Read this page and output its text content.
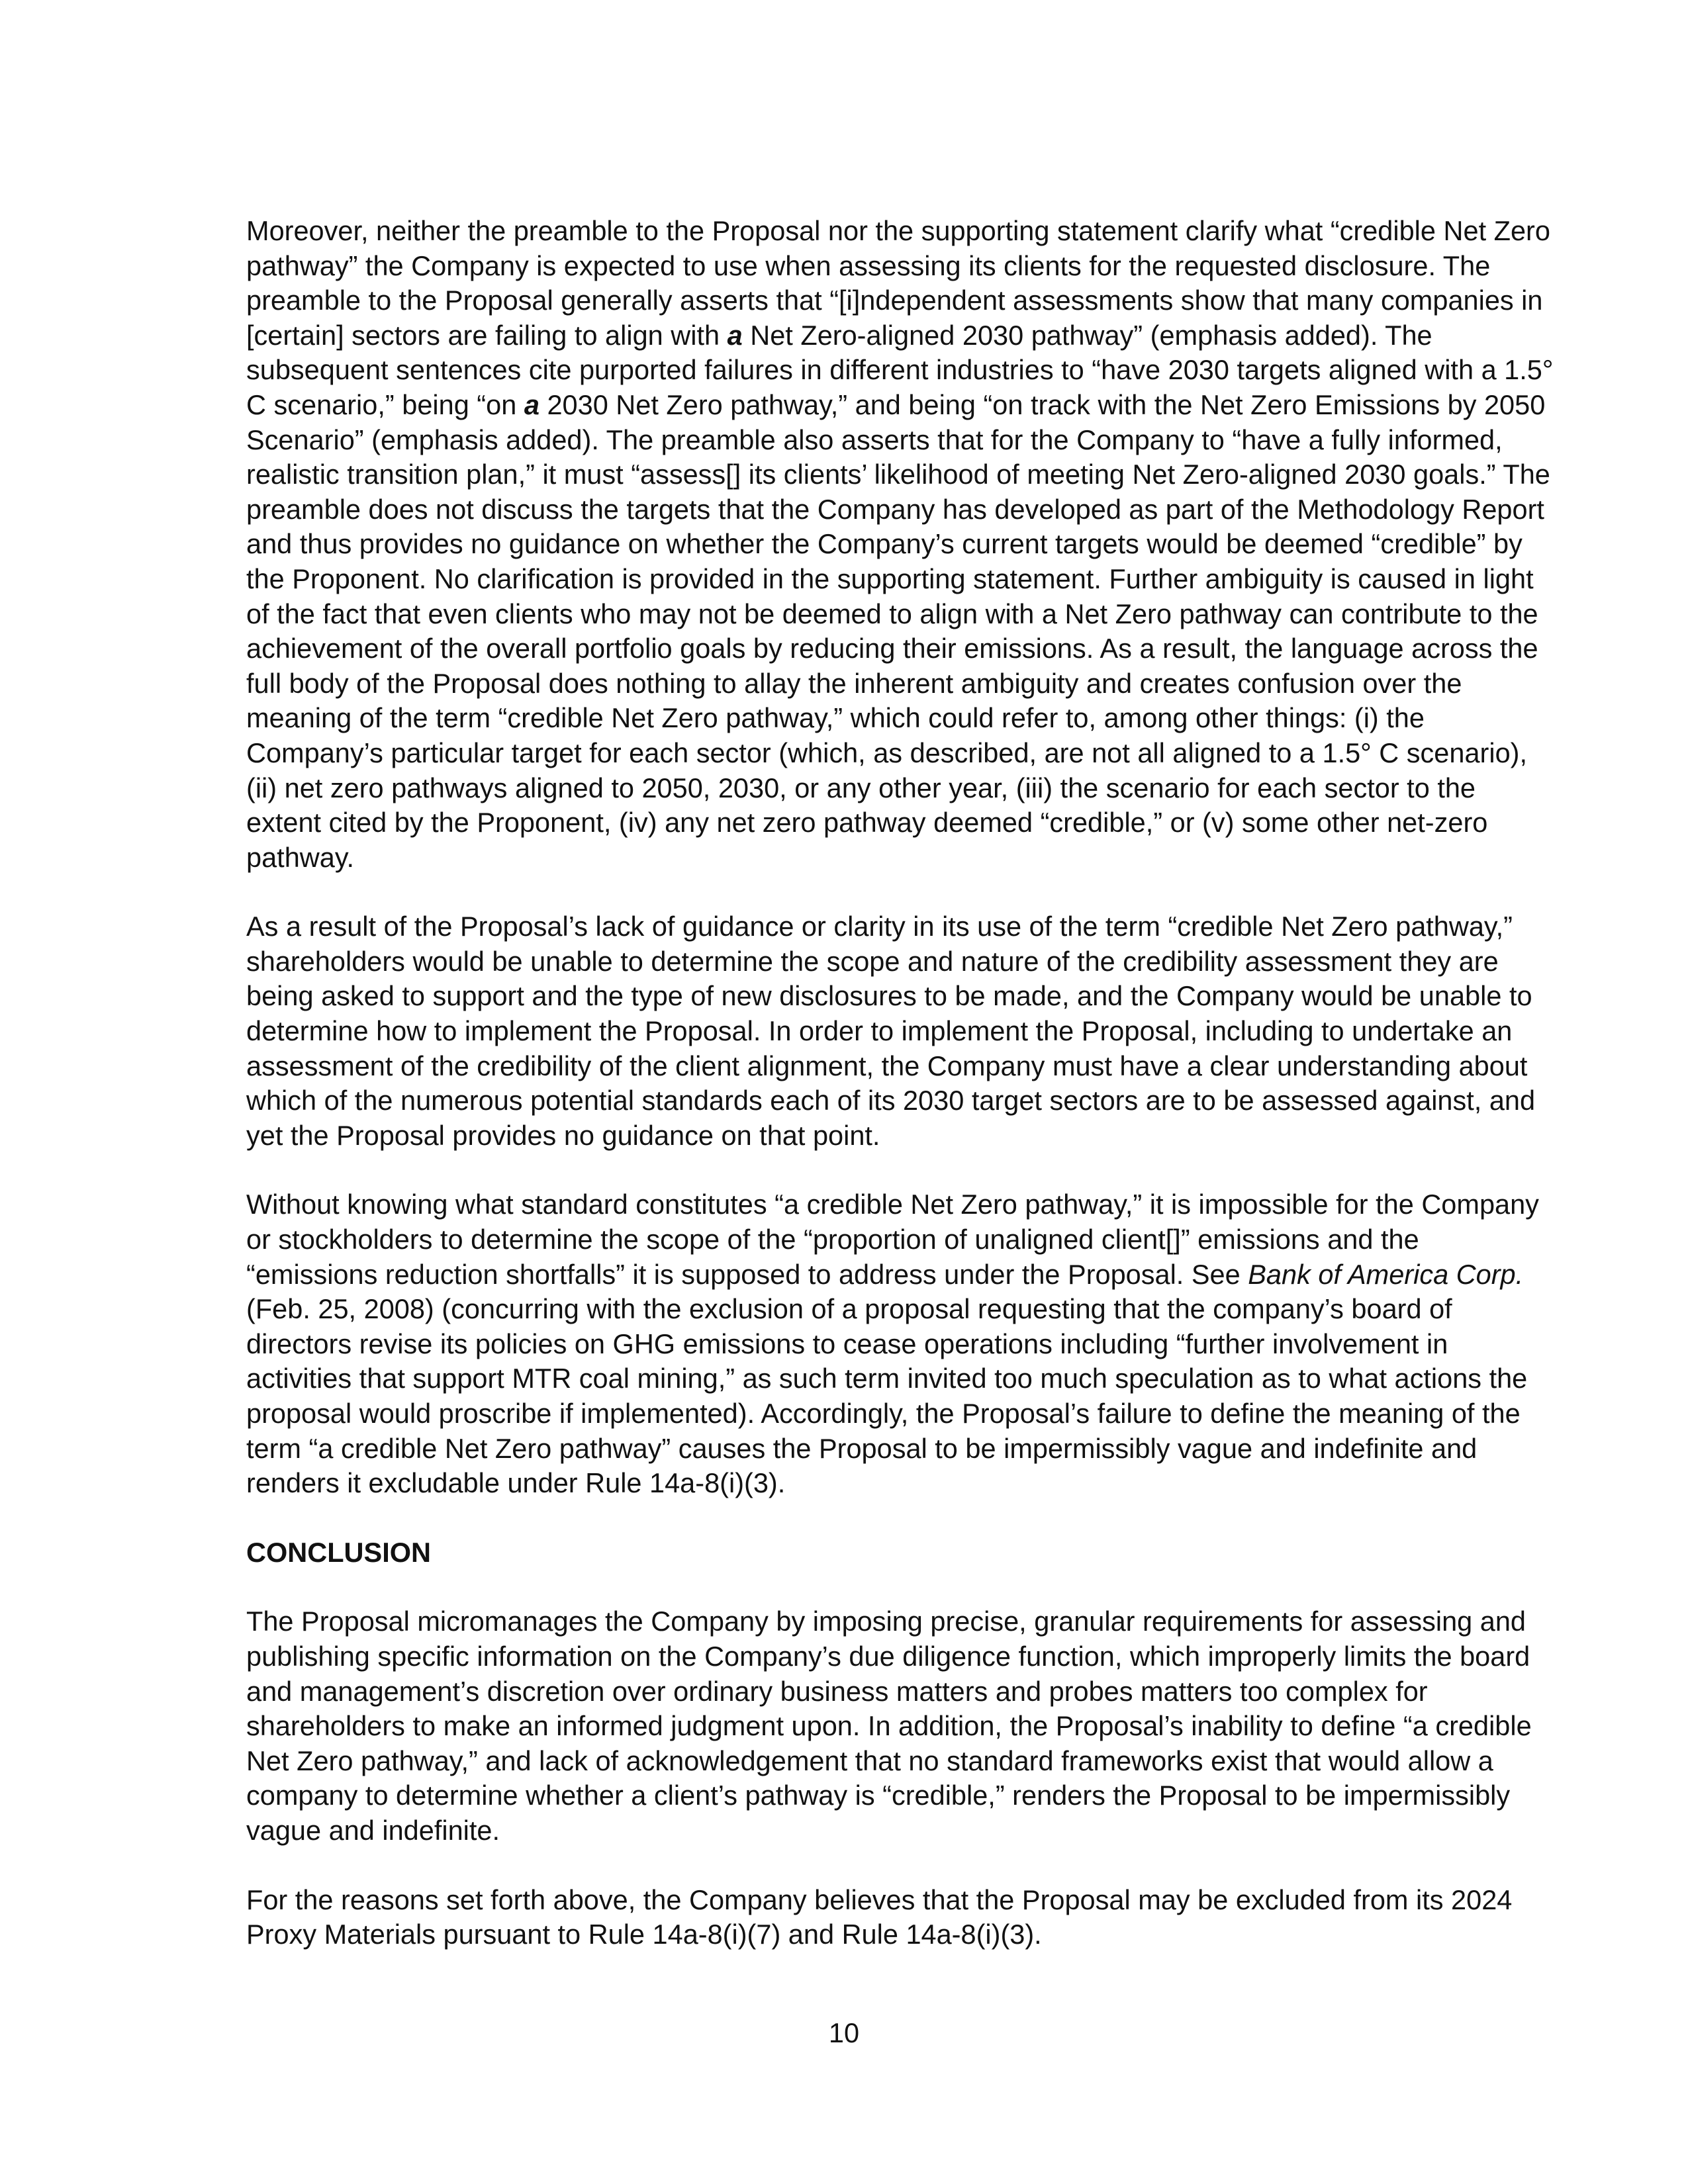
Moreover, neither the preamble to the Proposal nor the supporting statement clarify what “credible Net Zero pathway” the Company is expected to use when assessing its clients for the requested disclosure. The preamble to the Proposal generally asserts that “[i]ndependent assessments show that many companies in [certain] sectors are failing to align with a Net Zero-aligned 2030 pathway” (emphasis added). The subsequent sentences cite purported failures in different industries to “have 2030 targets aligned with a 1.5° C scenario,” being “on a 2030 Net Zero pathway,” and being “on track with the Net Zero Emissions by 2050 Scenario” (emphasis added). The preamble also asserts that for the Company to “have a fully informed, realistic transition plan,” it must “assess[] its clients’ likelihood of meeting Net Zero-aligned 2030 goals.” The preamble does not discuss the targets that the Company has developed as part of the Methodology Report and thus provides no guidance on whether the Company’s current targets would be deemed “credible” by the Proponent. No clarification is provided in the supporting statement. Further ambiguity is caused in light of the fact that even clients who may not be deemed to align with a Net Zero pathway can contribute to the achievement of the overall portfolio goals by reducing their emissions. As a result, the language across the full body of the Proposal does nothing to allay the inherent ambiguity and creates confusion over the meaning of the term “credible Net Zero pathway,” which could refer to, among other things: (i) the Company’s particular target for each sector (which, as described, are not all aligned to a 1.5° C scenario), (ii) net zero pathways aligned to 2050, 2030, or any other year, (iii) the scenario for each sector to the extent cited by the Proponent, (iv) any net zero pathway deemed “credible,” or (v) some other net-zero pathway.

As a result of the Proposal’s lack of guidance or clarity in its use of the term “credible Net Zero pathway,” shareholders would be unable to determine the scope and nature of the credibility assessment they are being asked to support and the type of new disclosures to be made, and the Company would be unable to determine how to implement the Proposal. In order to implement the Proposal, including to undertake an assessment of the credibility of the client alignment, the Company must have a clear understanding about which of the numerous potential standards each of its 2030 target sectors are to be assessed against, and yet the Proposal provides no guidance on that point.

Without knowing what standard constitutes “a credible Net Zero pathway,” it is impossible for the Company or stockholders to determine the scope of the “proportion of unaligned client[]” emissions and the “emissions reduction shortfalls” it is supposed to address under the Proposal. See Bank of America Corp. (Feb. 25, 2008) (concurring with the exclusion of a proposal requesting that the company’s board of directors revise its policies on GHG emissions to cease operations including “further involvement in activities that support MTR coal mining,” as such term invited too much speculation as to what actions the proposal would proscribe if implemented). Accordingly, the Proposal’s failure to define the meaning of the term “a credible Net Zero pathway” causes the Proposal to be impermissibly vague and indefinite and renders it excludable under Rule 14a-8(i)(3).

CONCLUSION

The Proposal micromanages the Company by imposing precise, granular requirements for assessing and publishing specific information on the Company’s due diligence function, which improperly limits the board and management’s discretion over ordinary business matters and probes matters too complex for shareholders to make an informed judgment upon. In addition, the Proposal’s inability to define “a credible Net Zero pathway,” and lack of acknowledgement that no standard frameworks exist that would allow a company to determine whether a client’s pathway is “credible,” renders the Proposal to be impermissibly vague and indefinite.

For the reasons set forth above, the Company believes that the Proposal may be excluded from its 2024 Proxy Materials pursuant to Rule 14a-8(i)(7) and Rule 14a-8(i)(3).

10
